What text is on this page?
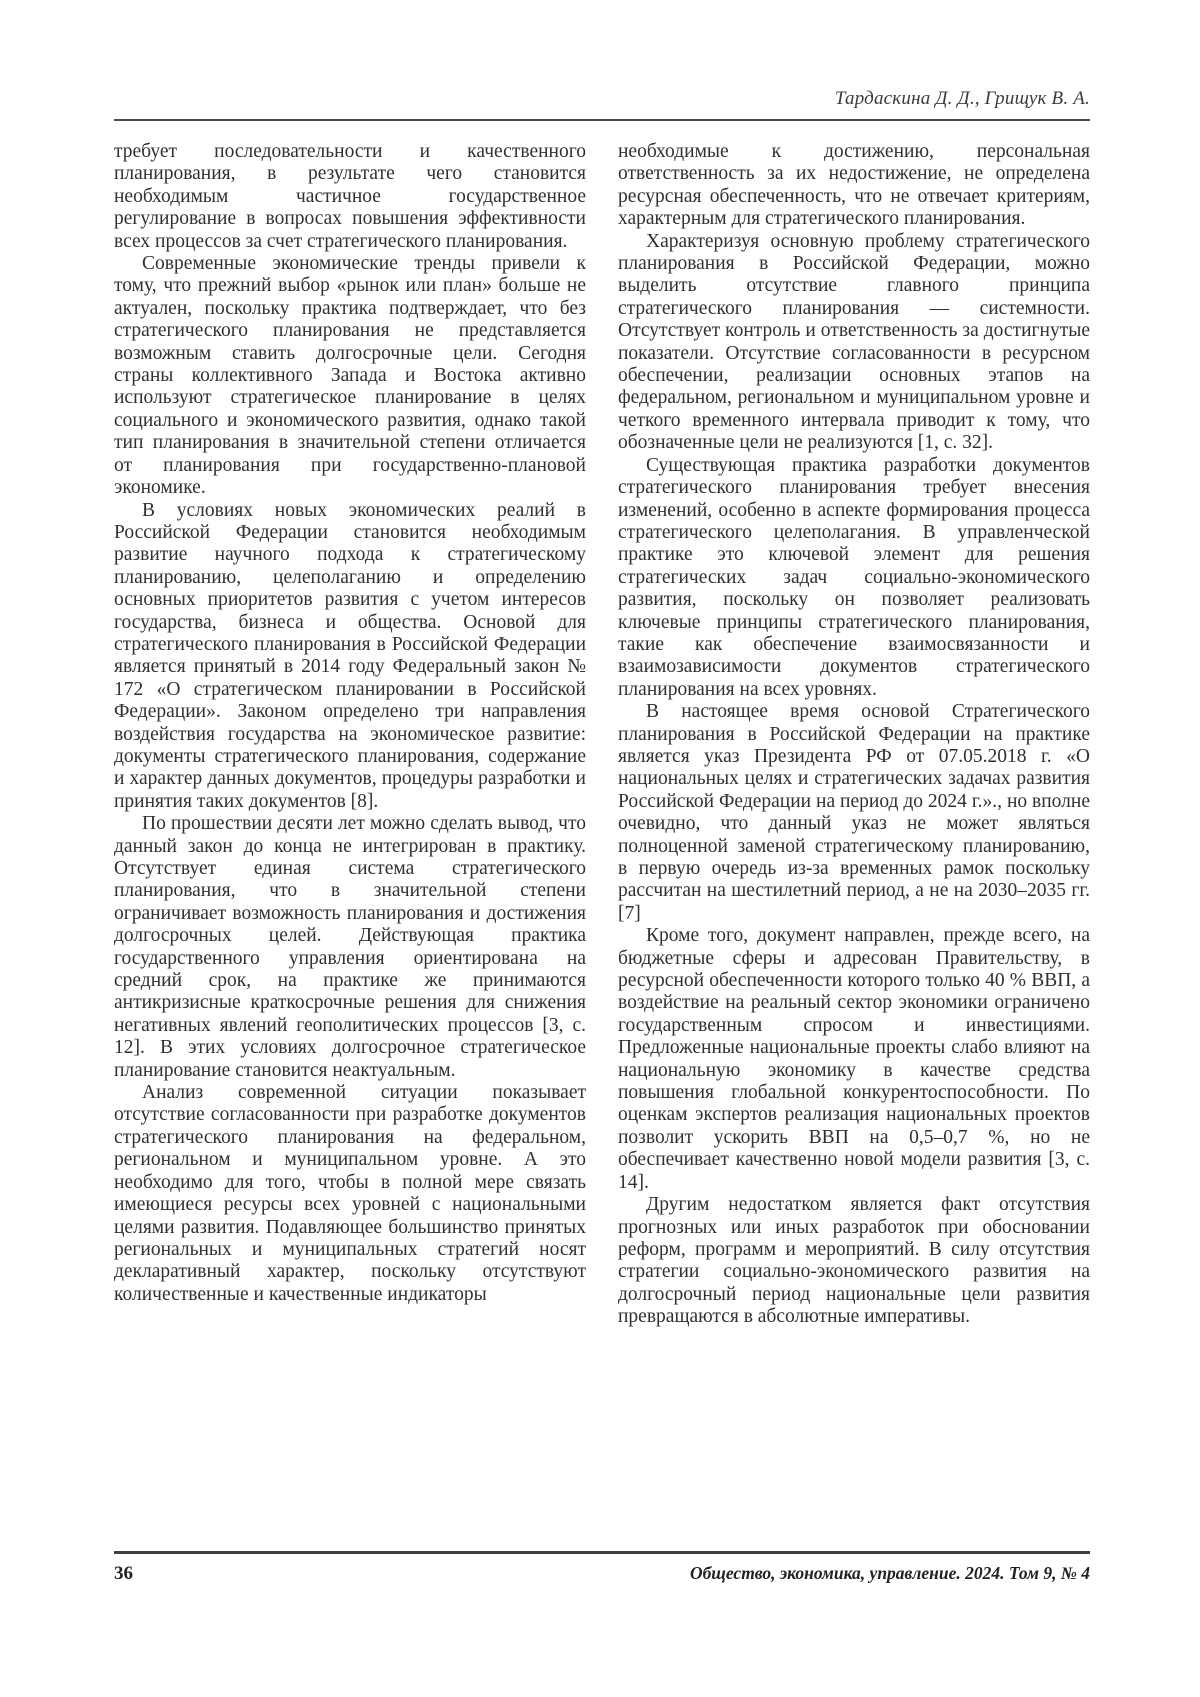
Тардаскина Д. Д., Грищук В. А.

требует последовательности и качественного планирования, в результате чего становится необходимым частичное государственное регулирование в вопросах повышения эффективности всех процессов за счет стратегического планирования.

Современные экономические тренды привели к тому, что прежний выбор «рынок или план» больше не актуален, поскольку практика подтверждает, что без стратегического планирования не представляется возможным ставить долгосрочные цели. Сегодня страны коллективного Запада и Востока активно используют стратегическое планирование в целях социального и экономического развития, однако такой тип планирования в значительной степени отличается от планирования при государственно-плановой экономике.

В условиях новых экономических реалий в Российской Федерации становится необходимым развитие научного подхода к стратегическому планированию, целеполаганию и определению основных приоритетов развития с учетом интересов государства, бизнеса и общества. Основой для стратегического планирования в Российской Федерации является принятый в 2014 году Федеральный закон № 172 «О стратегическом планировании в Российской Федерации». Законом определено три направления воздействия государства на экономическое развитие: документы стратегического планирования, содержание и характер данных документов, процедуры разработки и принятия таких документов [8].

По прошествии десяти лет можно сделать вывод, что данный закон до конца не интегрирован в практику. Отсутствует единая система стратегического планирования, что в значительной степени ограничивает возможность планирования и достижения долгосрочных целей. Действующая практика государственного управления ориентирована на средний срок, на практике же принимаются антикризисные краткосрочные решения для снижения негативных явлений геополитических процессов [3, с. 12]. В этих условиях долгосрочное стратегическое планирование становится неактуальным.

Анализ современной ситуации показывает отсутствие согласованности при разработке документов стратегического планирования на федеральном, региональном и муниципальном уровне. А это необходимо для того, чтобы в полной мере связать имеющиеся ресурсы всех уровней с национальными целями развития. Подавляющее большинство принятых региональных и муниципальных стратегий носят декларативный характер, поскольку отсутствуют количественные и качественные индикаторы

необходимые к достижению, персональная ответственность за их недостижение, не определена ресурсная обеспеченность, что не отвечает критериям, характерным для стратегического планирования.

Характеризуя основную проблему стратегического планирования в Российской Федерации, можно выделить отсутствие главного принципа стратегического планирования — системности. Отсутствует контроль и ответственность за достигнутые показатели. Отсутствие согласованности в ресурсном обеспечении, реализации основных этапов на федеральном, региональном и муниципальном уровне и четкого временного интервала приводит к тому, что обозначенные цели не реализуются [1, с. 32].

Существующая практика разработки документов стратегического планирования требует внесения изменений, особенно в аспекте формирования процесса стратегического целеполагания. В управленческой практике это ключевой элемент для решения стратегических задач социально-экономического развития, поскольку он позволяет реализовать ключевые принципы стратегического планирования, такие как обеспечение взаимосвязанности и взаимозависимости документов стратегического планирования на всех уровнях.

В настоящее время основой Стратегического планирования в Российской Федерации на практике является указ Президента РФ от 07.05.2018 г. «О национальных целях и стратегических задачах развития Российской Федерации на период до 2024 г.»., но вполне очевидно, что данный указ не может являться полноценной заменой стратегическому планированию, в первую очередь из-за временных рамок поскольку рассчитан на шестилетний период, а не на 2030–2035 гг. [7]

Кроме того, документ направлен, прежде всего, на бюджетные сферы и адресован Правительству, в ресурсной обеспеченности которого только 40 % ВВП, а воздействие на реальный сектор экономики ограничено государственным спросом и инвестициями. Предложенные национальные проекты слабо влияют на национальную экономику в качестве средства повышения глобальной конкурентоспособности. По оценкам экспертов реализация национальных проектов позволит ускорить ВВП на 0,5–0,7 %, но не обеспечивает качественно новой модели развития [3, с. 14].

Другим недостатком является факт отсутствия прогнозных или иных разработок при обосновании реформ, программ и мероприятий. В силу отсутствия стратегии социально-экономического развития на долгосрочный период национальные цели развития превращаются в абсолютные императивы.

36	Общество, экономика, управление. 2024. Том 9, № 4
